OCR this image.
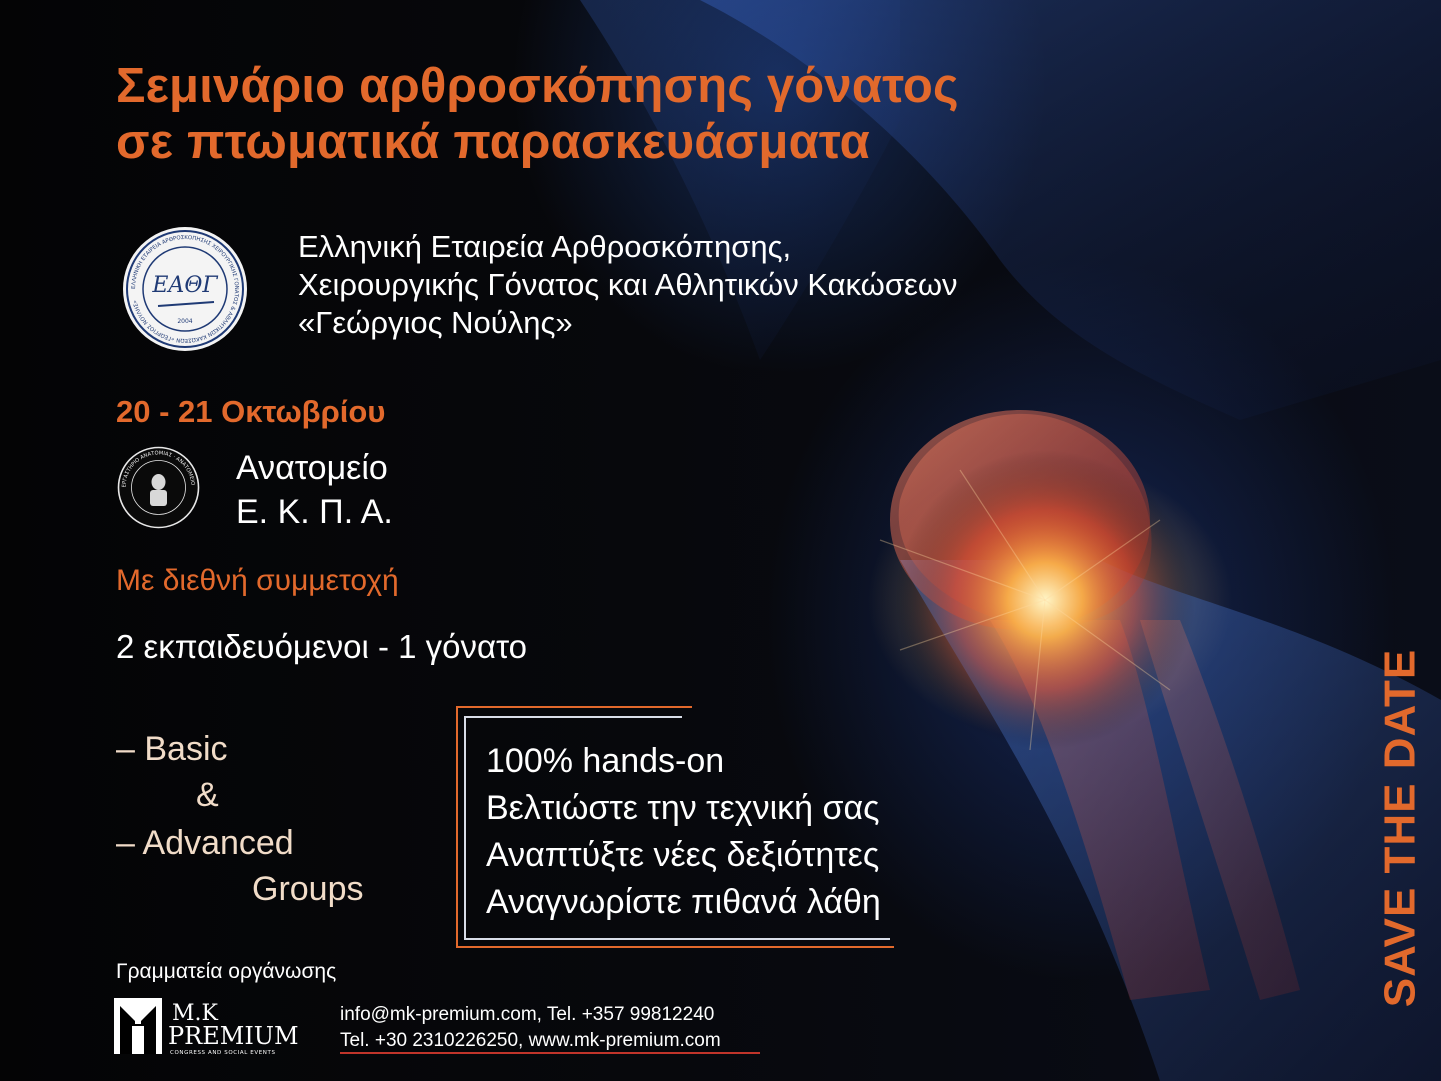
Σεμινάριο αρθροσκόπησης γόνατος
σε πτωματικά παρασκευάσματα
ΕΛΛΗΝΙΚΗ ΕΤΑΙΡΕΙΑ ΑΡΘΡΟΣΚΟΠΗΣΗΣ ΧΕΙΡΟΥΡΓΙΚΗΣ ΓΟΝΑΤΟΣ & ΑΘΛΗΤΙΚΩΝ ΚΑΚΩΣΕΩΝ «ΓΕΩΡΓΙΟΣ ΝΟΥΛΗΣ»
ΕΑΘΓ
2004
Ελληνική Εταιρεία Αρθροσκόπησης,
Χειρουργικής Γόνατος και Αθλητικών Κακώσεων
«Γεώργιος Νούλης»
20 - 21 Οκτωβρίου
ΕΡΓΑΣΤΗΡΙΟ ΑΝΑΤΟΜΙΑΣ · ΑΝΑΤΟΜΕΙΟ Ανατομείο
Ε. Κ. Π. Α.
Με διεθνή συμμετοχή
2 εκπαιδευόμενοι - 1 γόνατο
– Basic
&
– Advanced
Groups
100% hands-on
Βελτιώστε την τεχνική σας
Αναπτύξτε νέες δεξιότητες
Αναγνωρίστε πιθανά λάθη	SAVE THE DATE
Γραμματεία οργάνωσης
M.K
PREMIUM
CONGRESS AND SOCIAL EVENTS
info@mk-premium.com, Tel. +357 99812240
Tel. +30 2310226250, www.mk-premium.com
